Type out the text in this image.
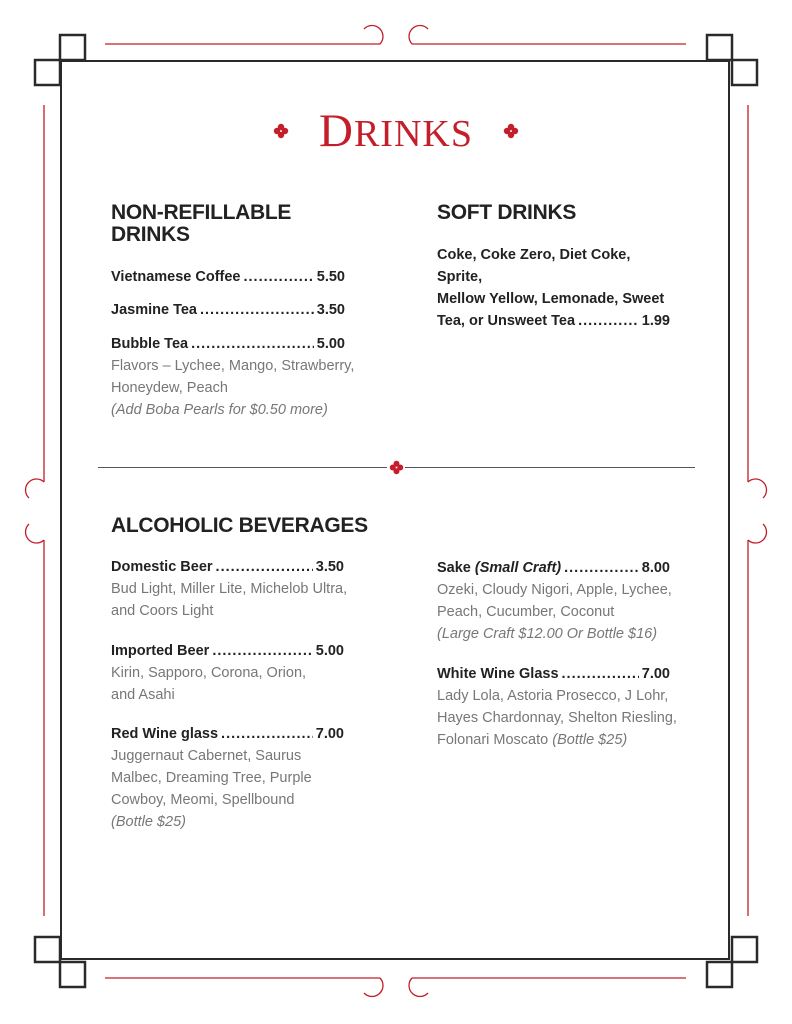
DRINKS
NON-REFILLABLE
DRINKS
Vietnamese Coffee .....	5.50
Jasmine Tea .....	3.50
Bubble Tea .....	5.00
Flavors – Lychee, Mango, Strawberry,
Honeydew, Peach
(Add Boba Pearls for $0.50 more)
SOFT DRINKS
Coke, Coke Zero, Diet Coke, Sprite,
Mellow Yellow, Lemonade, Sweet
Tea, or Unsweet Tea .....	1.99
ALCOHOLIC BEVERAGES
Domestic Beer .....	3.50
Bud Light, Miller Lite, Michelob Ultra,
and Coors Light
Imported Beer .....	5.00
Kirin, Sapporo, Corona, Orion,
and Asahi
Red Wine glass .....	7.00
Juggernaut Cabernet, Saurus
Malbec, Dreaming Tree, Purple
Cowboy, Meomi, Spellbound
(Bottle $25)
Sake (Small Craft) .....	8.00
Ozeki, Cloudy Nigori, Apple, Lychee,
Peach, Cucumber, Coconut
(Large Craft $12.00 Or Bottle $16)
White Wine Glass .....	7.00
Lady Lola, Astoria Prosecco, J Lohr,
Hayes Chardonnay, Shelton Riesling,
Folonari Moscato (Bottle $25)
